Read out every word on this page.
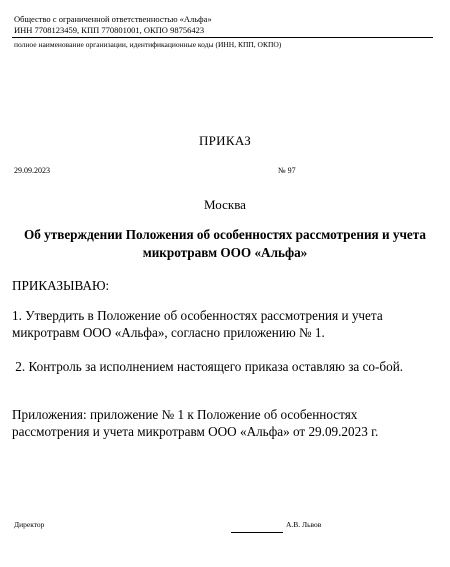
Общество с ограниченной ответственностью «Альфа»
ИНН 7708123459, КПП 770801001, ОКПО 98756423
полное наименование организации, идентификационные коды (ИНН, КПП, ОКПО)
ПРИКАЗ
29.09.2023	№ 97
Москва
Об утверждении Положения об особенностях рассмотрения и учета микротравм ООО «Альфа»
ПРИКАЗЫВАЮ:
1. Утвердить в Положение об особенностях рассмотрения и учета микротравм ООО «Альфа», согласно приложению № 1.
2. Контроль за исполнением настоящего приказа оставляю за со-бой.
Приложения: приложение № 1 к Положение об особенностях рассмотрения и учета микротравм ООО «Альфа» от 29.09.2023 г.
Директор	А.В. Львов
